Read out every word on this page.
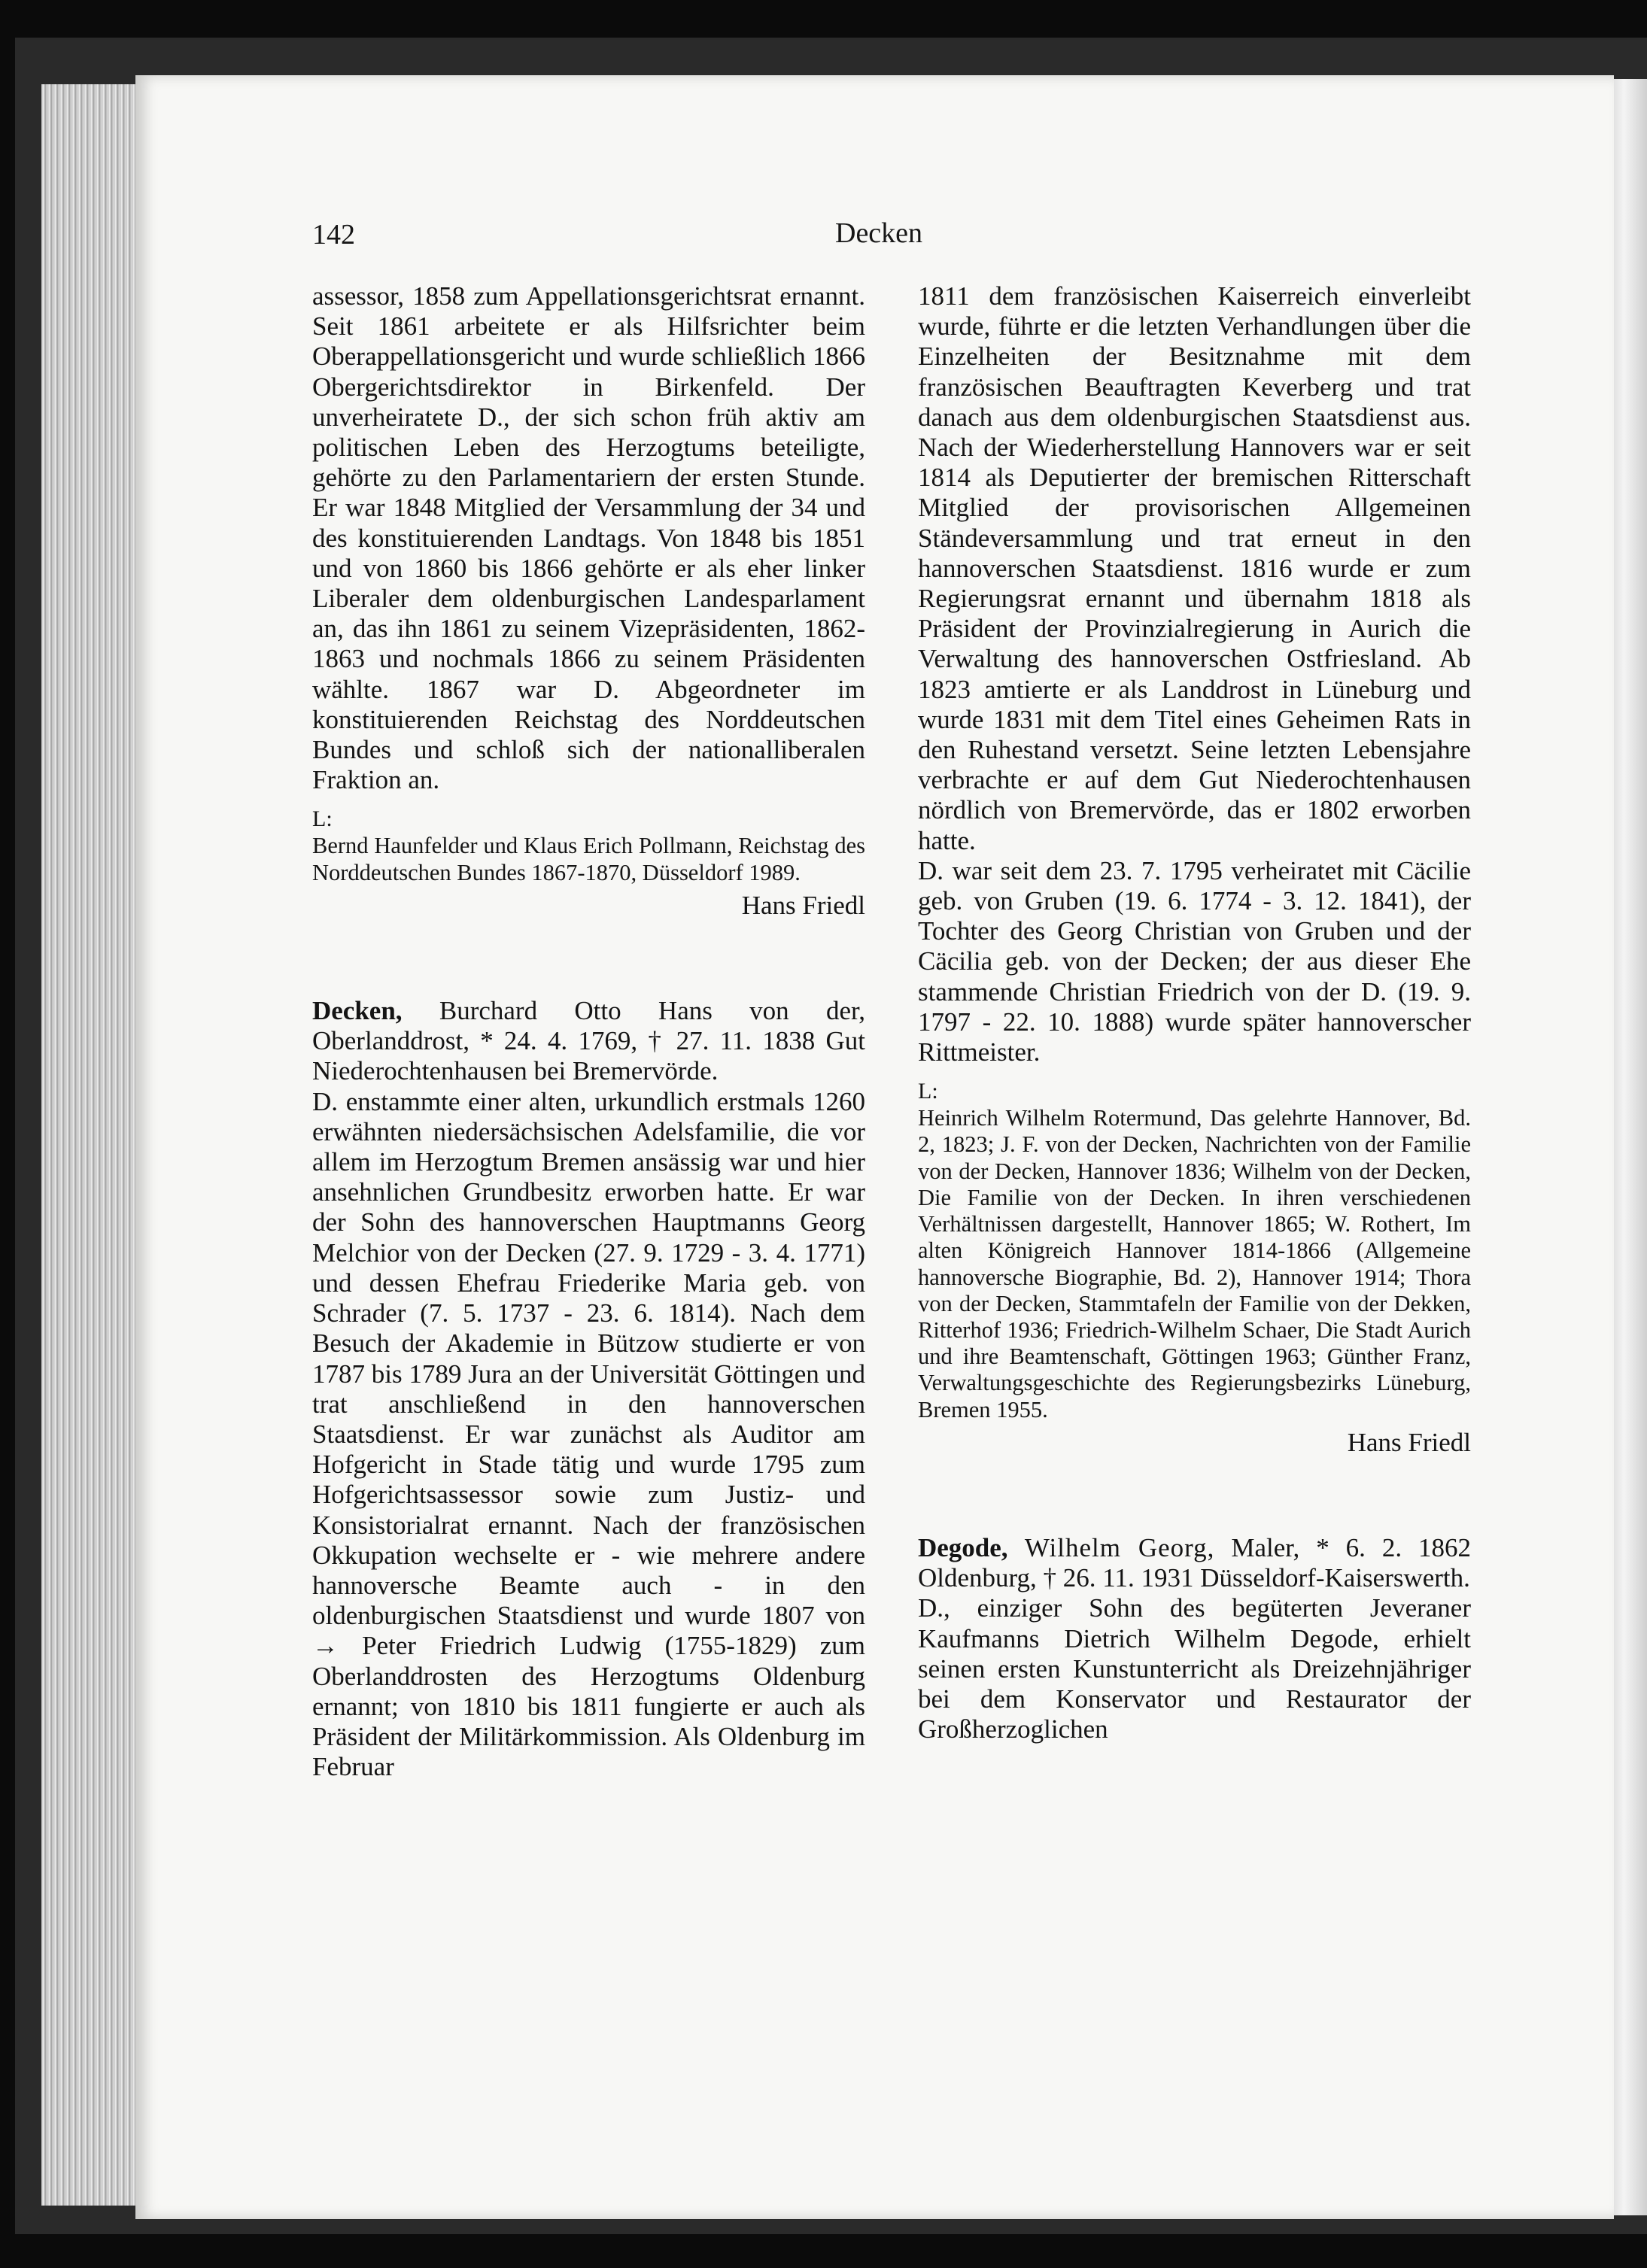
142	Decken

assessor, 1858 zum Appellationsgerichtsrat ernannt. Seit 1861 arbeitete er als Hilfsrichter beim Oberappellationsgericht und wurde schließlich 1866 Obergerichtsdirektor in Birkenfeld. Der unverheiratete D., der sich schon früh aktiv am politischen Leben des Herzogtums beteiligte, gehörte zu den Parlamentariern der ersten Stunde. Er war 1848 Mitglied der Versammlung der 34 und des konstituierenden Landtags. Von 1848 bis 1851 und von 1860 bis 1866 gehörte er als eher linker Liberaler dem oldenburgischen Landesparlament an, das ihn 1861 zu seinem Vizepräsidenten, 1862-1863 und nochmals 1866 zu seinem Präsidenten wählte. 1867 war D. Abgeordneter im konstituierenden Reichstag des Norddeutschen Bundes und schloß sich der nationalliberalen Fraktion an.

L:

Bernd Haunfelder und Klaus Erich Pollmann, Reichstag des Norddeutschen Bundes 1867-1870, Düsseldorf 1989.

Hans Friedl

Decken, Burchard Otto Hans von der, Oberlanddrost, * 24. 4. 1769, † 27. 11. 1838 Gut Niederochtenhausen bei Bremervörde.

D. enstammte einer alten, urkundlich erstmals 1260 erwähnten niedersächsischen Adelsfamilie, die vor allem im Herzogtum Bremen ansässig war und hier ansehnlichen Grundbesitz erworben hatte. Er war der Sohn des hannoverschen Hauptmanns Georg Melchior von der Decken (27. 9. 1729 - 3. 4. 1771) und dessen Ehefrau Friederike Maria geb. von Schrader (7. 5. 1737 - 23. 6. 1814). Nach dem Besuch der Akademie in Bützow studierte er von 1787 bis 1789 Jura an der Universität Göttingen und trat anschließend in den hannoverschen Staatsdienst. Er war zunächst als Auditor am Hofgericht in Stade tätig und wurde 1795 zum Hofgerichtsassessor sowie zum Justiz- und Konsistorialrat ernannt. Nach der französischen Okkupation wechselte er - wie mehrere andere hannoversche Beamte auch - in den oldenburgischen Staatsdienst und wurde 1807 von → Peter Friedrich Ludwig (1755-1829) zum Oberlanddrosten des Herzogtums Oldenburg ernannt; von 1810 bis 1811 fungierte er auch als Präsident der Militärkommission. Als Oldenburg im Februar

1811 dem französischen Kaiserreich einverleibt wurde, führte er die letzten Verhandlungen über die Einzelheiten der Besitznahme mit dem französischen Beauftragten Keverberg und trat danach aus dem oldenburgischen Staatsdienst aus. Nach der Wiederherstellung Hannovers war er seit 1814 als Deputierter der bremischen Ritterschaft Mitglied der provisorischen Allgemeinen Ständeversammlung und trat erneut in den hannoverschen Staatsdienst. 1816 wurde er zum Regierungsrat ernannt und übernahm 1818 als Präsident der Provinzialregierung in Aurich die Verwaltung des hannoverschen Ostfriesland. Ab 1823 amtierte er als Landdrost in Lüneburg und wurde 1831 mit dem Titel eines Geheimen Rats in den Ruhestand versetzt. Seine letzten Lebensjahre verbrachte er auf dem Gut Niederochtenhausen nördlich von Bremervörde, das er 1802 erworben hatte.

D. war seit dem 23. 7. 1795 verheiratet mit Cäcilie geb. von Gruben (19. 6. 1774 - 3. 12. 1841), der Tochter des Georg Christian von Gruben und der Cäcilia geb. von der Decken; der aus dieser Ehe stammende Christian Friedrich von der D. (19. 9. 1797 - 22. 10. 1888) wurde später hannoverscher Rittmeister.

L:

Heinrich Wilhelm Rotermund, Das gelehrte Hannover, Bd. 2, 1823; J. F. von der Decken, Nachrichten von der Familie von der Decken, Hannover 1836; Wilhelm von der Decken, Die Familie von der Decken. In ihren verschiedenen Verhältnissen dargestellt, Hannover 1865; W. Rothert, Im alten Königreich Hannover 1814-1866 (Allgemeine hannoversche Biographie, Bd. 2), Hannover 1914; Thora von der Decken, Stammtafeln der Familie von der Dekken, Ritterhof 1936; Friedrich-Wilhelm Schaer, Die Stadt Aurich und ihre Beamtenschaft, Göttingen 1963; Günther Franz, Verwaltungsgeschichte des Regierungsbezirks Lüneburg, Bremen 1955.

Hans Friedl

Degode, Wilhelm Georg, Maler, * 6. 2. 1862 Oldenburg, † 26. 11. 1931 Düsseldorf-Kaiserswerth.

D., einziger Sohn des begüterten Jeveraner Kaufmanns Dietrich Wilhelm Degode, erhielt seinen ersten Kunstunterricht als Dreizehnjähriger bei dem Konservator und Restaurator der Großherzoglichen
